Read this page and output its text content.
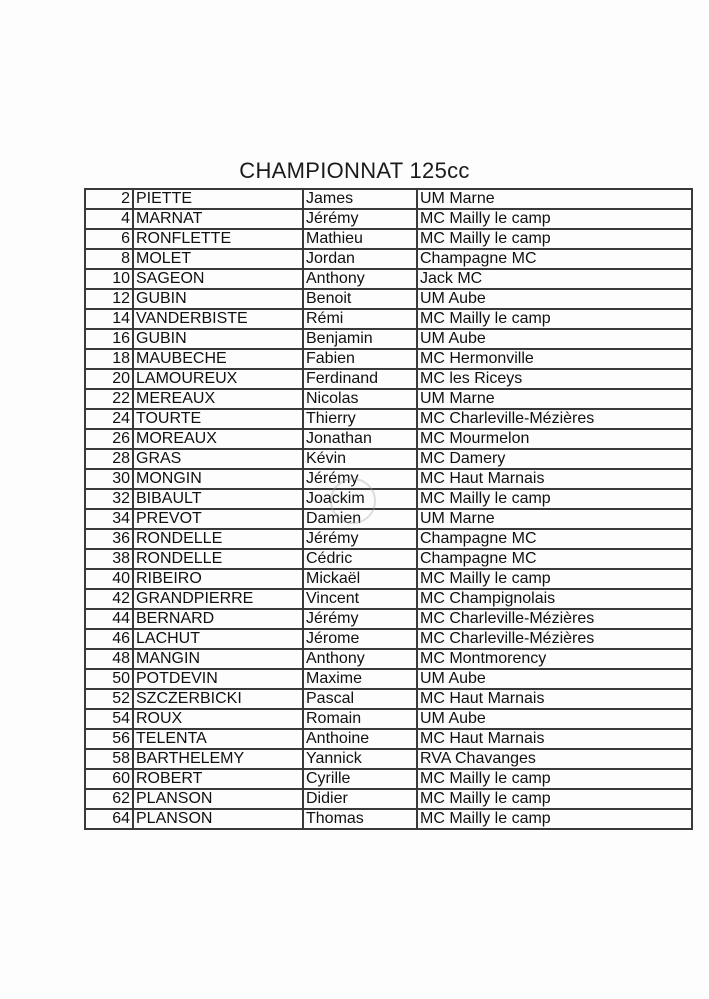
CHAMPIONNAT 125cc
2	PIETTE	James	UM Marne
4	MARNAT	Jérémy	MC Mailly le camp
6	RONFLETTE	Mathieu	MC Mailly le camp
8	MOLET	Jordan	Champagne MC
10	SAGEON	Anthony	Jack MC
12	GUBIN	Benoit	UM Aube
14	VANDERBISTE	Rémi	MC Mailly le camp
16	GUBIN	Benjamin	UM Aube
18	MAUBECHE	Fabien	MC Hermonville
20	LAMOUREUX	Ferdinand	MC les Riceys
22	MEREAUX	Nicolas	UM Marne
24	TOURTE	Thierry	MC Charleville-Mézières
26	MOREAUX	Jonathan	MC Mourmelon
28	GRAS	Kévin	MC Damery
30	MONGIN	Jérémy	MC Haut Marnais
32	BIBAULT	Joackim	MC Mailly le camp
34	PREVOT	Damien	UM Marne
36	RONDELLE	Jérémy	Champagne MC
38	RONDELLE	Cédric	Champagne MC
40	RIBEIRO	Mickaël	MC Mailly le camp
42	GRANDPIERRE	Vincent	MC Champignolais
44	BERNARD	Jérémy	MC Charleville-Mézières
46	LACHUT	Jérome	MC Charleville-Mézières
48	MANGIN	Anthony	MC Montmorency
50	POTDEVIN	Maxime	UM Aube
52	SZCZERBICKI	Pascal	MC Haut Marnais
54	ROUX	Romain	UM Aube
56	TELENTA	Anthoine	MC Haut Marnais
58	BARTHELEMY	Yannick	RVA Chavanges
60	ROBERT	Cyrille	MC Mailly le camp
62	PLANSON	Didier	MC Mailly le camp
64	PLANSON	Thomas	MC Mailly le camp
